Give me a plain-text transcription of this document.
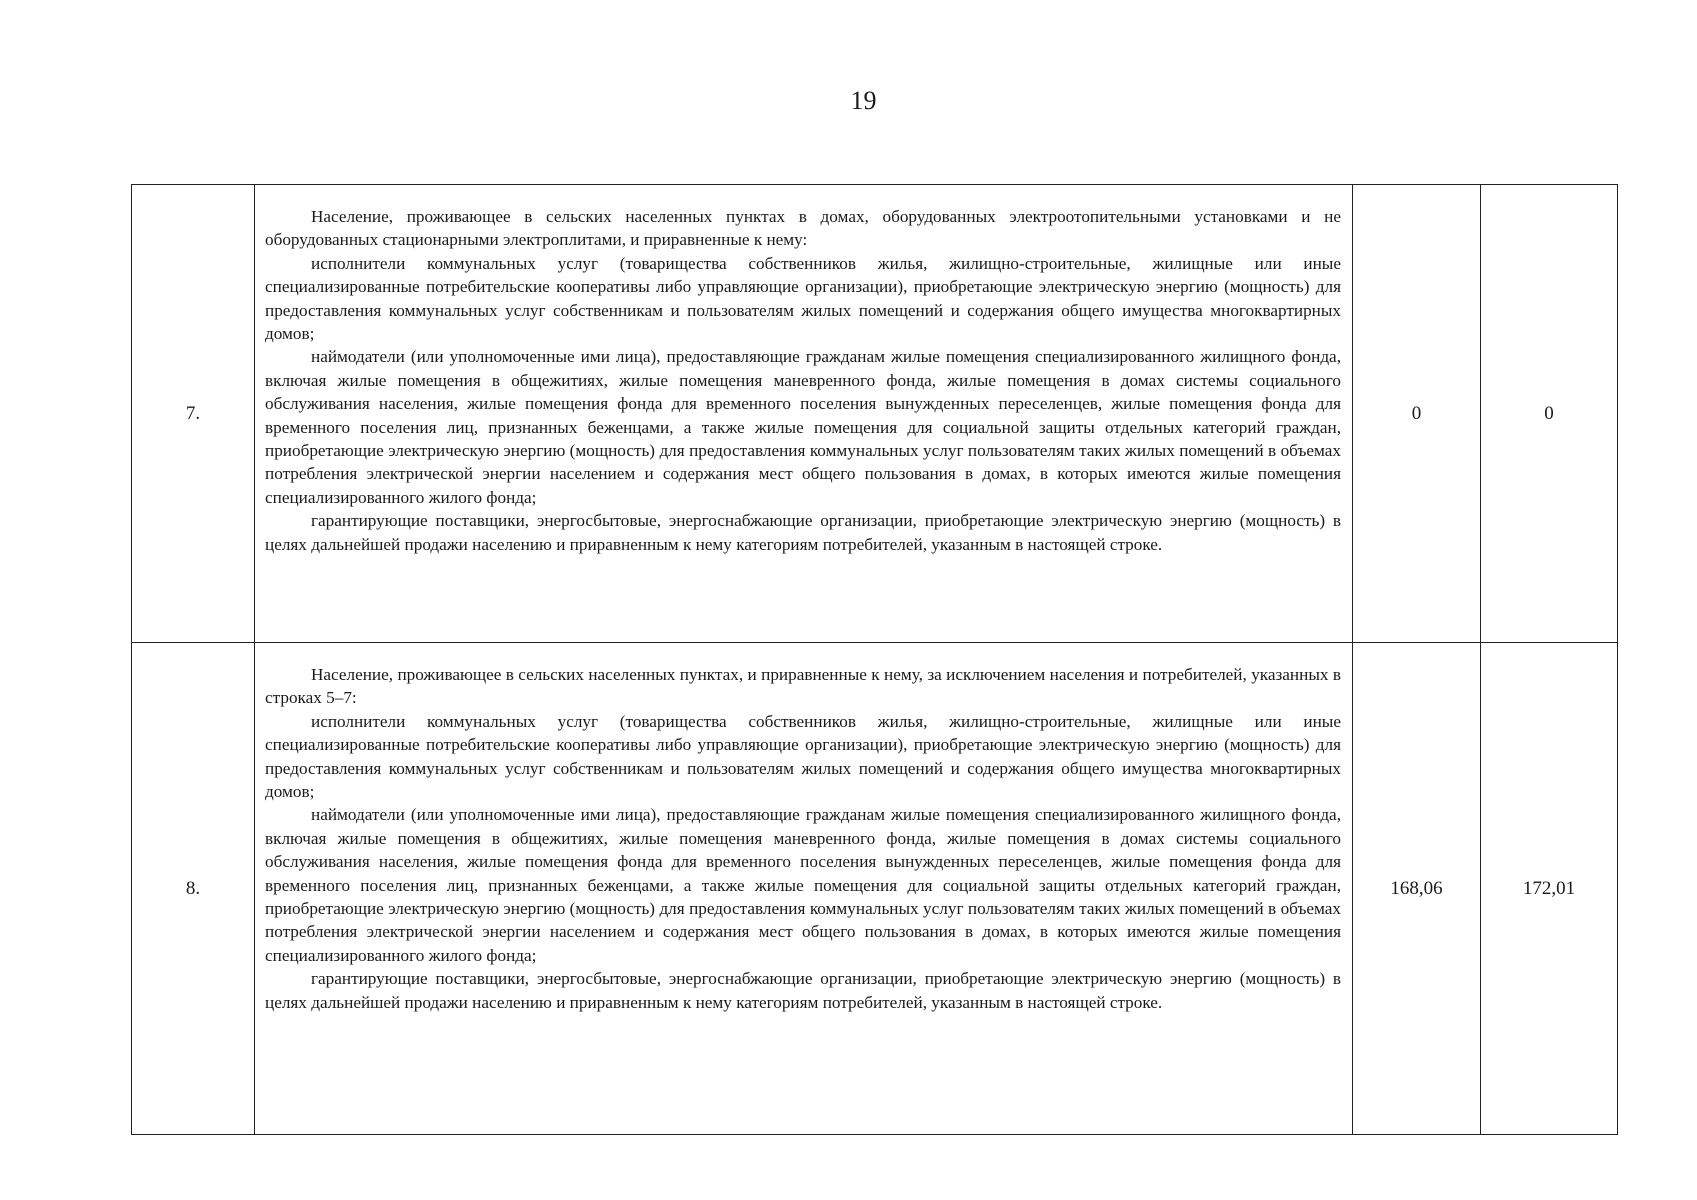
19
7.	Население, проживающее в сельских населенных пунктах в домах, оборудованных электроотопительными установками и не оборудованных стационарными электроплитами, и приравненные к нему:

исполнители коммунальных услуг (товарищества собственников жилья, жилищно-строительные, жилищные или иные специализированные потребительские кооперативы либо управляющие организации), приобретающие электрическую энергию (мощность) для предоставления коммунальных услуг собственникам и пользователям жилых помещений и содержания общего имущества многоквартирных домов;

наймодатели (или уполномоченные ими лица), предоставляющие гражданам жилые помещения специализированного жилищного фонда, включая жилые помещения в общежитиях, жилые помещения маневренного фонда, жилые помещения в домах системы социального обслуживания населения, жилые помещения фонда для временного поселения вынужденных переселенцев, жилые помещения фонда для временного поселения лиц, признанных беженцами, а также жилые помещения для социальной защиты отдельных категорий граждан, приобретающие электрическую энергию (мощность) для предоставления коммунальных услуг пользователям таких жилых помещений в объемах потребления электрической энергии населением и содержания мест общего пользования в домах, в которых имеются жилые помещения специализированного жилого фонда;

гарантирующие поставщики, энергосбытовые, энергоснабжающие организации, приобретающие электрическую энергию (мощность) в целях дальнейшей продажи населению и приравненным к нему категориям потребителей, указанным в настоящей строке.	0	0
8.	Население, проживающее в сельских населенных пунктах, и приравненные к нему, за исключением населения и потребителей, указанных в строках 5–7:

исполнители коммунальных услуг (товарищества собственников жилья, жилищно-строительные, жилищные или иные специализированные потребительские кооперативы либо управляющие организации), приобретающие электрическую энергию (мощность) для предоставления коммунальных услуг собственникам и пользователям жилых помещений и содержания общего имущества многоквартирных домов;

наймодатели (или уполномоченные ими лица), предоставляющие гражданам жилые помещения специализированного жилищного фонда, включая жилые помещения в общежитиях, жилые помещения маневренного фонда, жилые помещения в домах системы социального обслуживания населения, жилые помещения фонда для временного поселения вынужденных переселенцев, жилые помещения фонда для временного поселения лиц, признанных беженцами, а также жилые помещения для социальной защиты отдельных категорий граждан, приобретающие электрическую энергию (мощность) для предоставления коммунальных услуг пользователям таких жилых помещений в объемах потребления электрической энергии населением и содержания мест общего пользования в домах, в которых имеются жилые помещения специализированного жилого фонда;

гарантирующие поставщики, энергосбытовые, энергоснабжающие организации, приобретающие электрическую энергию (мощность) в целях дальнейшей продажи населению и приравненным к нему категориям потребителей, указанным в настоящей строке.	168,06	172,01
